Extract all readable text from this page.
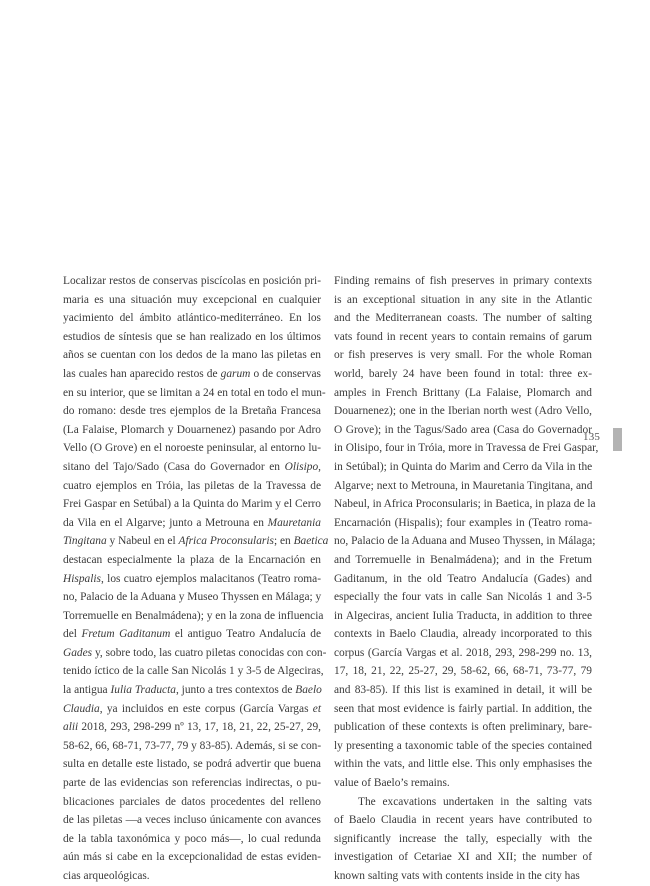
Localizar restos de conservas piscícolas en posición pri-
maria es una situación muy excepcional en cualquier
yacimiento del ámbito atlántico-mediterráneo. En los
estudios de síntesis que se han realizado en los últimos
años se cuentan con los dedos de la mano las piletas en
las cuales han aparecido restos de garum o de conservas
en su interior, que se limitan a 24 en total en todo el mun-
do romano: desde tres ejemplos de la Bretaña Francesa
(La Falaise, Plomarch y Douarnenez) pasando por Adro
Vello (O Grove) en el noroeste peninsular, al entorno lu-
sitano del Tajo/Sado (Casa do Governador en Olisipo,
cuatro ejemplos en Tróia, las piletas de la Travessa de
Frei Gaspar en Setúbal) a la Quinta do Marim y el Cerro
da Vila en el Algarve; junto a Metrouna en Mauretania
Tingitana y Nabeul en el Africa Proconsularis; en Baetica
destacan especialmente la plaza de la Encarnación en
Hispalis, los cuatro ejemplos malacitanos (Teatro roma-
no, Palacio de la Aduana y Museo Thyssen en Málaga; y
Torremuelle en Benalmádena); y en la zona de influencia
del Fretum Gaditanum el antiguo Teatro Andalucía de
Gades y, sobre todo, las cuatro piletas conocidas con con-
tenido íctico de la calle San Nicolás 1 y 3-5 de Algeciras,
la antigua Iulia Traducta, junto a tres contextos de Baelo
Claudia, ya incluidos en este corpus (García Vargas et
alii 2018, 293, 298-299 nº 13, 17, 18, 21, 22, 25-27, 29,
58-62, 66, 68-71, 73-77, 79 y 83-85). Además, si se con-
sulta en detalle este listado, se podrá advertir que buena
parte de las evidencias son referencias indirectas, o pu-
blicaciones parciales de datos procedentes del relleno
de las piletas —a veces incluso únicamente con avances
de la tabla taxonómica y poco más—, lo cual redunda
aún más si cabe en la excepcionalidad de estas eviden-
cias arqueológicas.
Finding remains of fish preserves in primary contexts
is an exceptional situation in any site in the Atlantic
and the Mediterranean coasts. The number of salting
vats found in recent years to contain remains of garum
or fish preserves is very small. For the whole Roman
world, barely 24 have been found in total: three ex-
amples in French Brittany (La Falaise, Plomarch and
Douarnenez); one in the Iberian north west (Adro Vello,
O Grove); in the Tagus/Sado area (Casa do Governador
in Olisipo, four in Tróia, more in Travessa de Frei Gaspar,
in Setúbal); in Quinta do Marim and Cerro da Vila in the
Algarve; next to Metrouna, in Mauretania Tingitana, and
Nabeul, in Africa Proconsularis; in Baetica, in plaza de la
Encarnación (Hispalis); four examples in (Teatro roma-
no, Palacio de la Aduana and Museo Thyssen, in Málaga;
and Torremuelle in Benalmádena); and in the Fretum
Gaditanum, in the old Teatro Andalucía (Gades) and
especially the four vats in calle San Nicolás 1 and 3-5
in Algeciras, ancient Iulia Traducta, in addition to three
contexts in Baelo Claudia, already incorporated to this
corpus (García Vargas et al. 2018, 293, 298-299 no. 13,
17, 18, 21, 22, 25-27, 29, 58-62, 66, 68-71, 73-77, 79
and 83-85). If this list is examined in detail, it will be
seen that most evidence is fairly partial. In addition, the
publication of these contexts is often preliminary, bare-
ly presenting a taxonomic table of the species contained
within the vats, and little else. This only emphasises the
value of Baelo’s remains.
The excavations undertaken in the salting vats
of Baelo Claudia in recent years have contributed to
significantly increase the tally, especially with the
investigation of Cetariae XI and XII; the number of
known salting vats with contents inside in the city has
135
